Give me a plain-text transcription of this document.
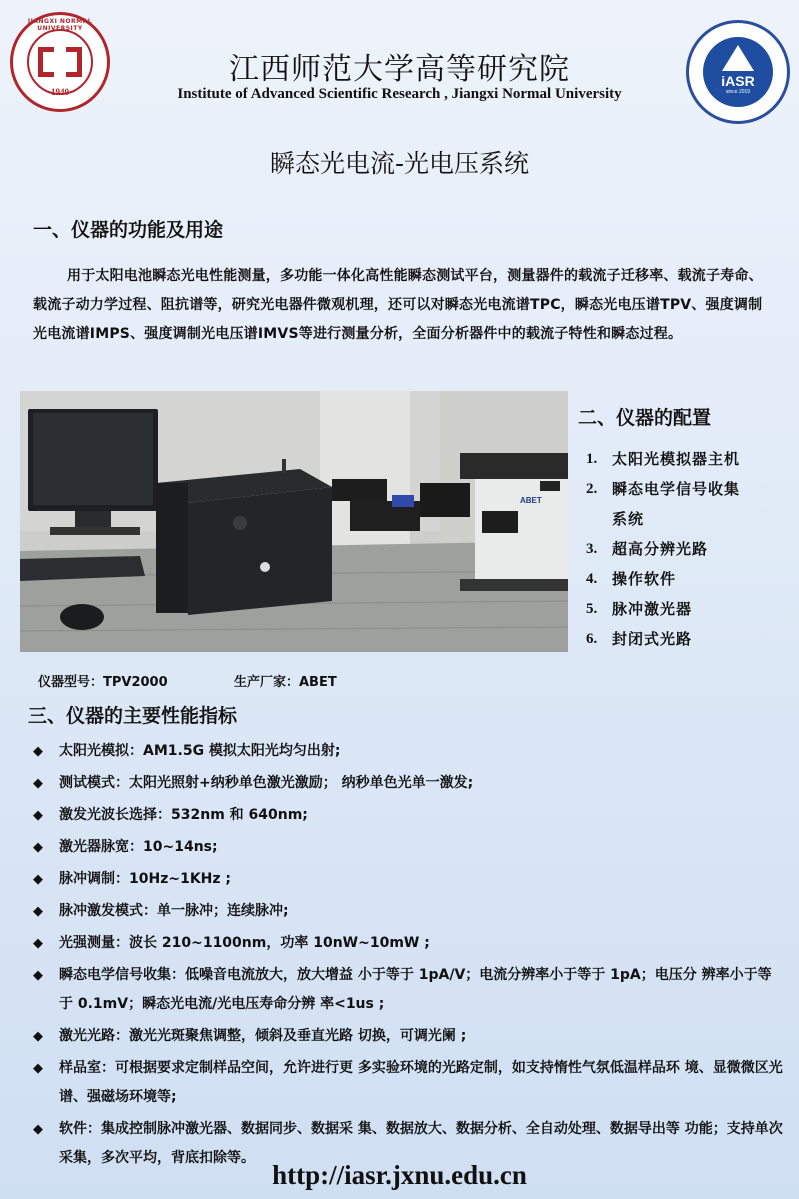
JIANGXI NORMAL UNIVERSITY
1940
iASR
since 2019
江西师范大学高等研究院
Institute of Advanced Scientific Research , Jiangxi Normal University
瞬态光电流-光电压系统
一、仪器的功能及用途
用于太阳电池瞬态光电性能测量，多功能一体化高性能瞬态测试平台，测量器件的载流子迁移率、载流子寿命、载流子动力学过程、阻抗谱等，研究光电器件微观机理，还可以对瞬态光电流谱TPC，瞬态光电压谱TPV、强度调制光电流谱IMPS、强度调制光电压谱IMVS等进行测量分析，全面分析器件中的载流子特性和瞬态过程。
ABET
仪器型号：TPV2000	生产厂家：ABET
二、仪器的配置
1. 太阳光模拟器主机
2. 瞬态电学信号收集系统
3. 超高分辨光路
4. 操作软件
5. 脉冲激光器
6. 封闭式光路
三、仪器的主要性能指标
◆	太阳光模拟：AM1.5G 模拟太阳光均匀出射;
◆	测试模式：太阳光照射+纳秒单色激光激励； 纳秒单色光单一激发;
◆	激发光波长选择：532nm 和 640nm;
◆	激光器脉宽：10~14ns;
◆	脉冲调制：10Hz~1KHz ;
◆	脉冲激发模式：单一脉冲；连续脉冲;
◆	光强测量：波长 210~1100nm，功率 10nW~10mW ;
◆	瞬态电学信号收集：低噪音电流放大，放大增益 小于等于 1pA/V；电流分辨率小于等于 1pA；电压分 辨率小于等于 0.1mV；瞬态光电流/光电压寿命分辨 率<1us ;
◆	激光光路：激光光斑聚焦调整，倾斜及垂直光路 切换，可调光阑 ;
◆	样品室：可根据要求定制样品空间，允许进行更 多实验环境的光路定制，如支持惰性气氛低温样品环 境、显微微区光谱、强磁场环境等;
◆	软件：集成控制脉冲激光器、数据同步、数据采 集、数据放大、数据分析、全自动处理、数据导出等 功能；支持单次采集，多次平均，背底扣除等。
http://iasr.jxnu.edu.cn
